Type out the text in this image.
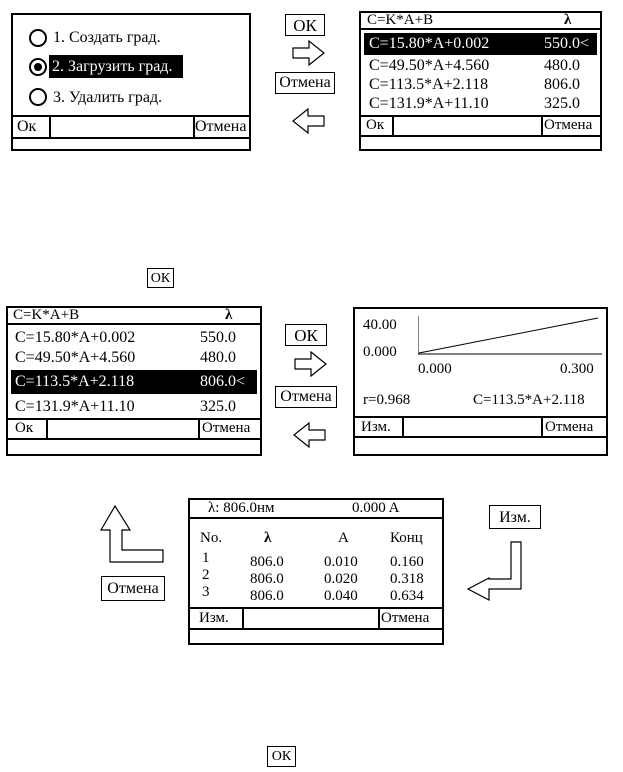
1. Создать град.
2. Загрузить град.
3. Удалить град.
Ок	Отмена
ОК
Отмена
C=K*A+B	λ
C=15.80*A+0.002	550.0<
C=49.50*A+4.560	480.0
C=113.5*A+2.118	806.0
C=131.9*A+11.10	325.0
Ок	Отмена
ОК
C=K*A+B	λ
C=15.80*A+0.002	550.0
C=49.50*A+4.560	480.0
C=113.5*A+2.118	806.0<
C=131.9*A+11.10	325.0
Ок	Отмена
ОК
Отмена
40.00
0.000
0.000	0.300
r=0.968	C=113.5*A+2.118
Изм.	Отмена
Отмена
λ: 806.0нм	0.000 A
No.	λ	A	Конц
1	806.0	0.010 0.160
2	806.0	0.020 0.318
3	806.0	0.040 0.634
Изм.	Отмена
Изм.
ОК
